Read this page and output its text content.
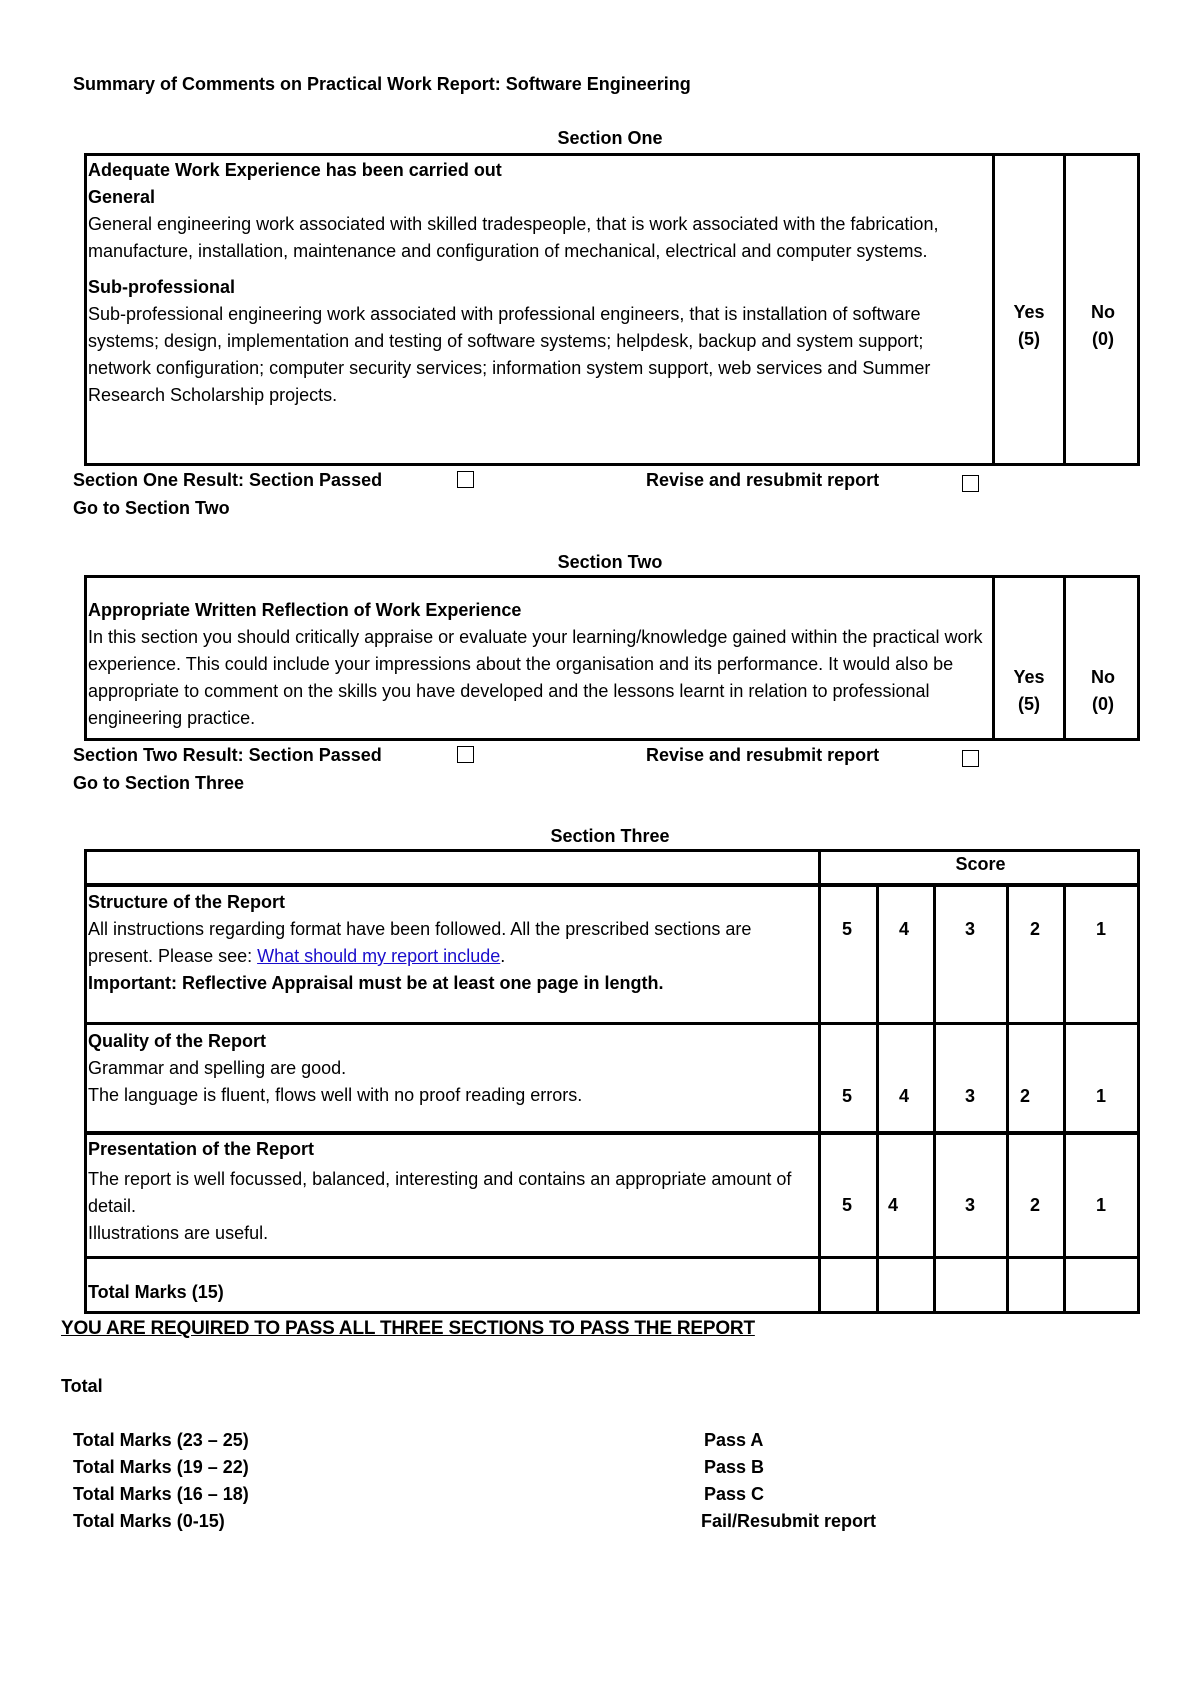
Summary of Comments on Practical Work Report: Software Engineering
Section One
Adequate Work Experience has been carried out
General
General engineering work associated with skilled tradespeople, that is work associated with the fabrication, manufacture, installation, maintenance and configuration of mechanical, electrical and computer systems.
Sub-professional
Sub-professional engineering work associated with professional engineers, that is installation of software systems; design, implementation and testing of software systems; helpdesk, backup and system support; network configuration; computer security services; information system support, web services and Summer Research Scholarship projects.
Yes
(5)
No
(0)
Section One Result: Section Passed	Revise and resubmit report
Go to Section Two
Section Two
Appropriate Written Reflection of Work Experience
In this section you should critically appraise or evaluate your learning/knowledge gained within the practical work experience. This could include your impressions about the organisation and its performance. It would also be appropriate to comment on the skills you have developed and the lessons learnt in relation to professional engineering practice.
Yes
(5)
No
(0)
Section Two Result: Section Passed	Revise and resubmit report
Go to Section Three
Section Three
Score
Structure of the Report
All instructions regarding format have been followed. All the prescribed sections are present. Please see: What should my report include.
Important: Reflective Appraisal must be at least one page in length.
5	4	3	2	1
Quality of the Report
Grammar and spelling are good.
The language is fluent, flows well with no proof reading errors.	5	4	3	2	1
Presentation of the Report
The report is well focussed, balanced, interesting and contains an appropriate amount of detail.
Illustrations are useful.
5	4	3	2	1
Total Marks (15)
YOU ARE REQUIRED TO PASS ALL THREE SECTIONS TO PASS THE REPORT
Total
Total Marks (23 – 25)	Pass A
Total Marks (19 – 22)	Pass B
Total Marks (16 – 18)	Pass C
Total Marks (0-15)	Fail/Resubmit report
